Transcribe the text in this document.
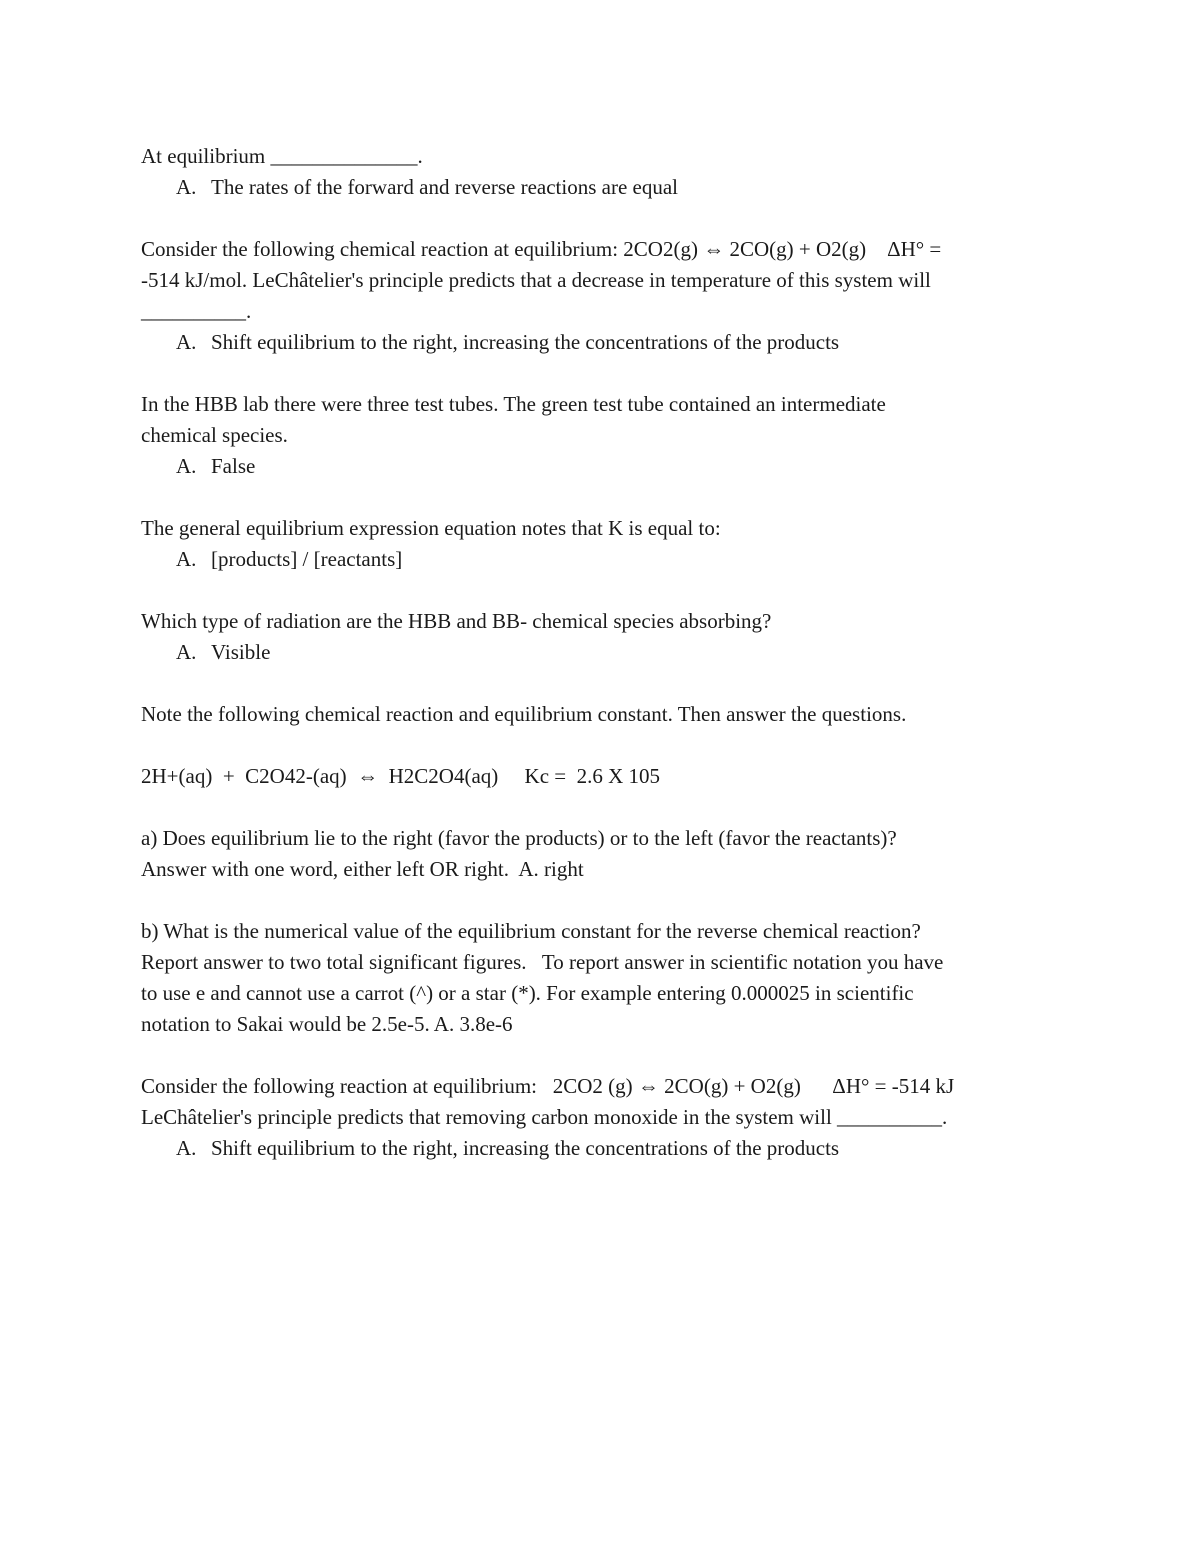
At equilibrium ______________.

A. The rates of the forward and reverse reactions are equal

Consider the following chemical reaction at equilibrium: 2CO2(g) ⇔ 2CO(g) + O2(g)    ΔH° =

-514 kJ/mol. LeChâtelier's principle predicts that a decrease in temperature of this system will

__________.

A. Shift equilibrium to the right, increasing the concentrations of the products

In the HBB lab there were three test tubes. The green test tube contained an intermediate

chemical species.

A. False

The general equilibrium expression equation notes that K is equal to:

A. [products] / [reactants]

Which type of radiation are the HBB and BB- chemical species absorbing?

A. Visible

Note the following chemical reaction and equilibrium constant. Then answer the questions.

2H+(aq)  +  C2O42-(aq)  ⇔  H2C2O4(aq)     Kc =  2.6 X 105

a) Does equilibrium lie to the right (favor the products) or to the left (favor the reactants)?

Answer with one word, either left OR right.  A. right

b) What is the numerical value of the equilibrium constant for the reverse chemical reaction?

Report answer to two total significant figures.   To report answer in scientific notation you have

to use e and cannot use a carrot (^) or a star (*). For example entering 0.000025 in scientific

notation to Sakai would be 2.5e-5. A. 3.8e-6

Consider the following reaction at equilibrium:   2CO2 (g) ⇔ 2CO(g) + O2(g)      ΔH° = -514 kJ

LeChâtelier's principle predicts that removing carbon monoxide in the system will __________.

A. Shift equilibrium to the right, increasing the concentrations of the products
